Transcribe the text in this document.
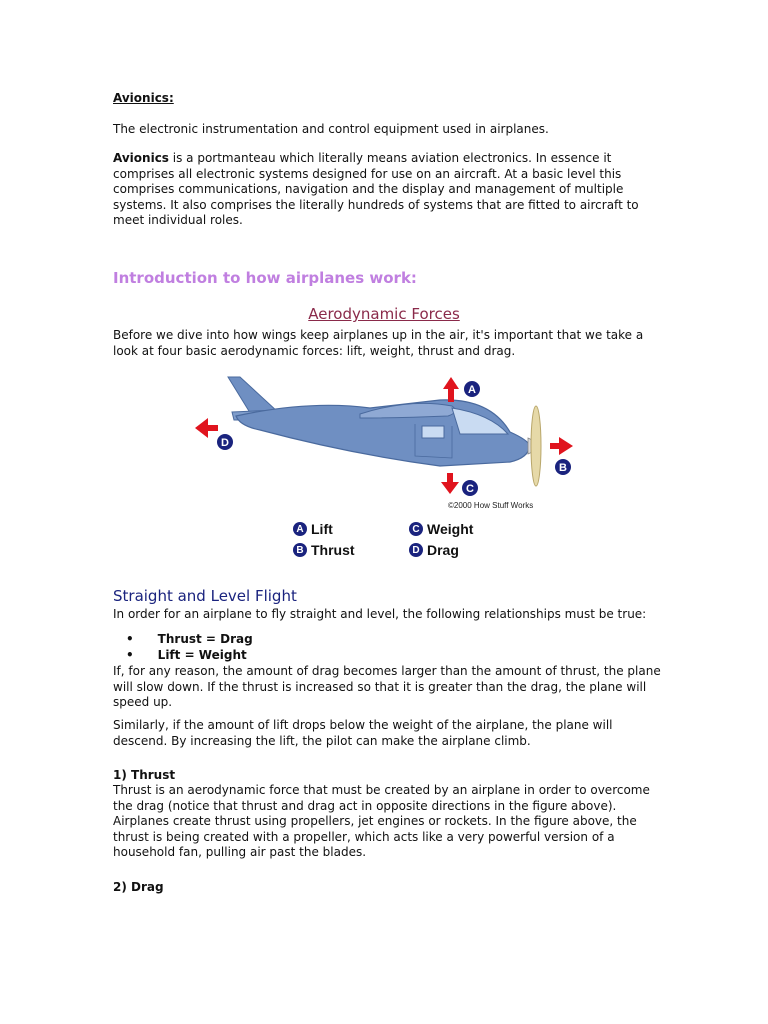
Avionics:
The electronic instrumentation and control equipment used in airplanes.
Avionics is a portmanteau which literally means aviation electronics. In essence it
comprises all electronic systems designed for use on an aircraft. At a basic level this
comprises communications, navigation and the display and management of multiple
systems. It also comprises the literally hundreds of systems that are fitted to aircraft to
meet individual roles.
Introduction to how airplanes work:
Aerodynamic Forces
Before we dive into how wings keep airplanes up in the air, it's important that we take a
look at four basic aerodynamic forces: lift, weight, thrust and drag.
A
B
C
D
©2000 How Stuff Works
A Lift	C Weight
B Thrust	D Drag
Straight and Level Flight
In order for an airplane to fly straight and level, the following relationships must be true:
• Thrust = Drag
• Lift = Weight
If, for any reason, the amount of drag becomes larger than the amount of thrust, the plane
will slow down. If the thrust is increased so that it is greater than the drag, the plane will
speed up.
Similarly, if the amount of lift drops below the weight of the airplane, the plane will
descend. By increasing the lift, the pilot can make the airplane climb.
1) Thrust
Thrust is an aerodynamic force that must be created by an airplane in order to overcome
the drag (notice that thrust and drag act in opposite directions in the figure above).
Airplanes create thrust using propellers, jet engines or rockets. In the figure above, the
thrust is being created with a propeller, which acts like a very powerful version of a
household fan, pulling air past the blades.
2) Drag
